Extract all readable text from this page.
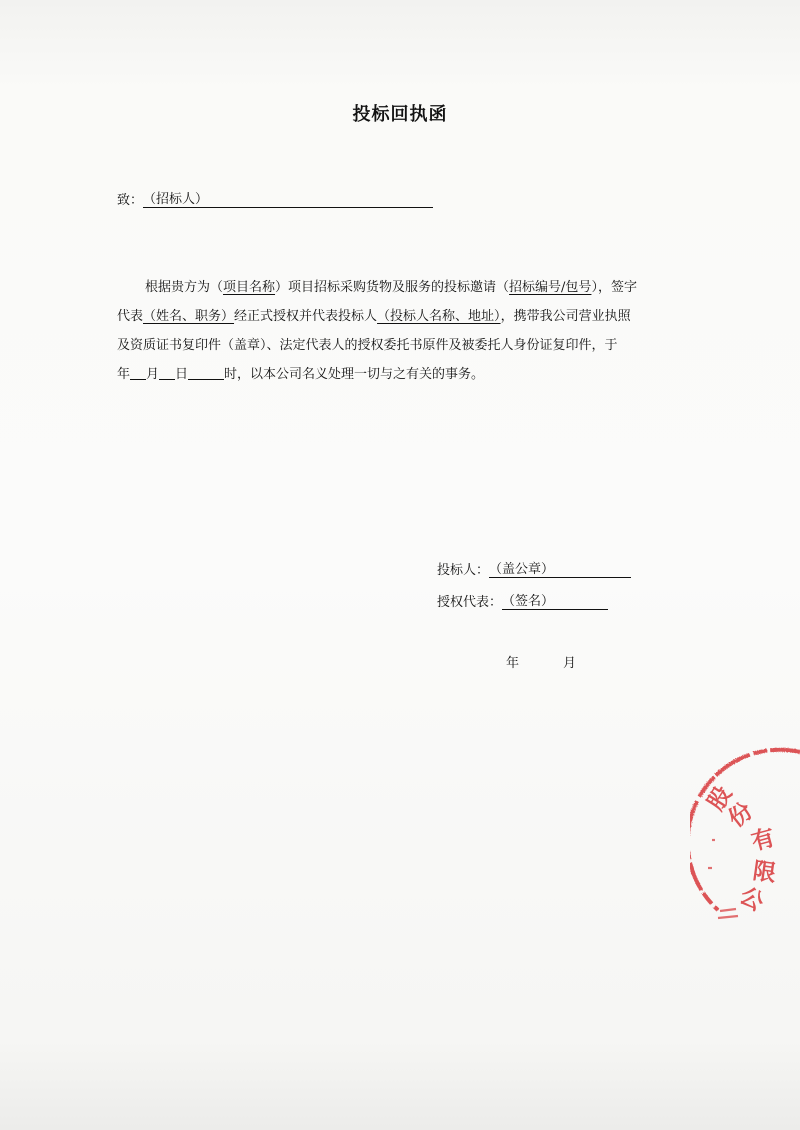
投标回执函
致：（招标人）
根据贵方为（项目名称）项目招标采购货物及服务的投标邀请（招标编号/包号），签字
代表（姓名、职务）经正式授权并代表投标人（投标人名称、地址），携带我公司营业执照
及资质证书复印件（盖章）、法定代表人的授权委托书原件及被委托人身份证复印件，于
年 月 日	时，以本公司名义处理一切与之有关的事务。
投标人：（盖公章）
授权代表：（签名）
年	月
股
份
有
限
公
